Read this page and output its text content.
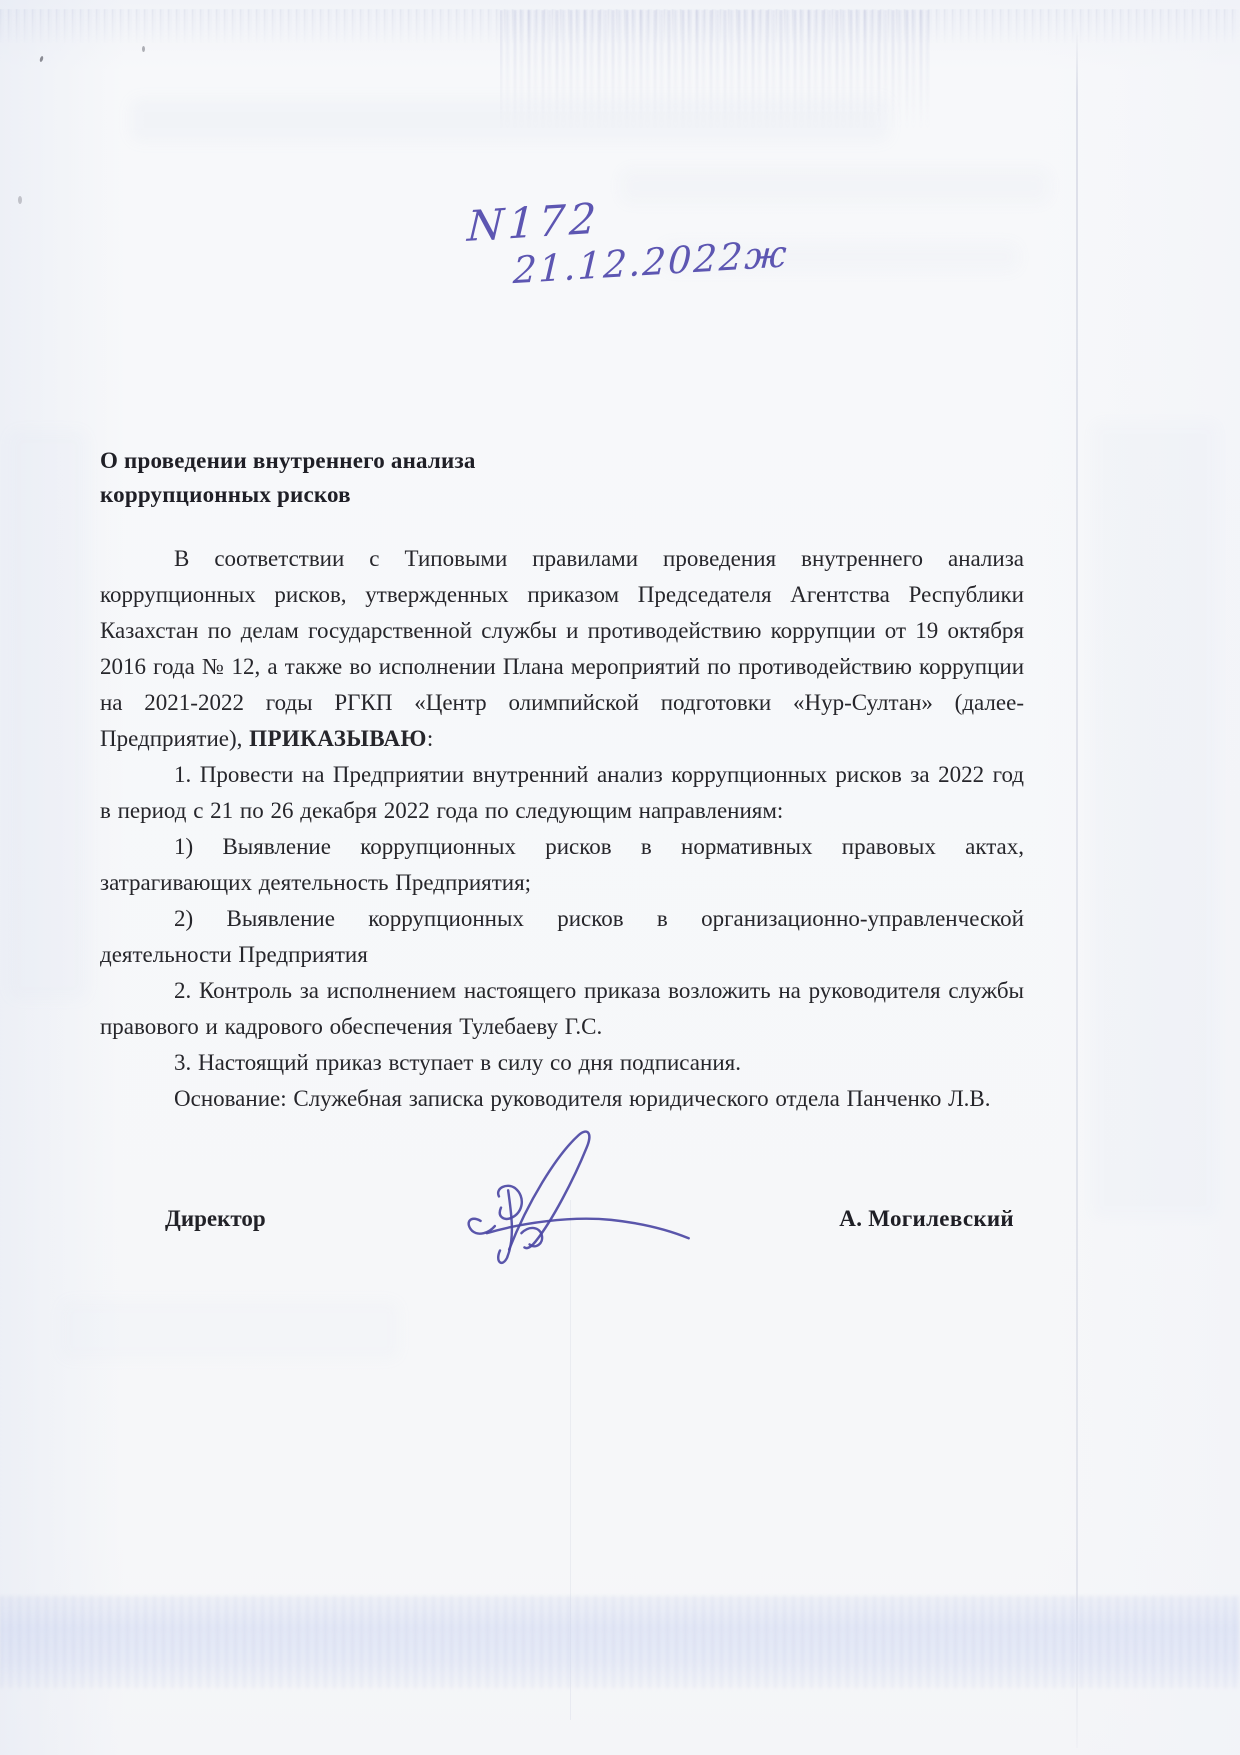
N172
21.12.2022ж
О проведении внутреннего анализа
коррупционных рисков

В соответствии с Типовыми правилами проведения внутреннего анализа коррупционных рисков, утвержденных приказом Председателя Агентства Республики Казахстан по делам государственной службы и противодействию коррупции от 19 октября 2016 года № 12, а также во исполнении Плана мероприятий по противодействию коррупции на 2021-2022 годы РГКП «Центр олимпийской подготовки «Нур-Султан» (далее-Предприятие), ПРИКАЗЫВАЮ:

1. Провести на Предприятии внутренний анализ коррупционных рисков за 2022 год в период с 21 по 26 декабря 2022 года по следующим направлениям:

1) Выявление коррупционных рисков в нормативных правовых актах, затрагивающих деятельность Предприятия;

2) Выявление коррупционных рисков в организационно-управленческой деятельности Предприятия

2. Контроль за исполнением настоящего приказа возложить на руководителя службы правового и кадрового обеспечения Тулебаеву Г.С.

3. Настоящий приказ вступает в силу со дня подписания.

Основание: Служебная записка руководителя юридического отдела Панченко Л.В.

Директор	А. Могилевский
